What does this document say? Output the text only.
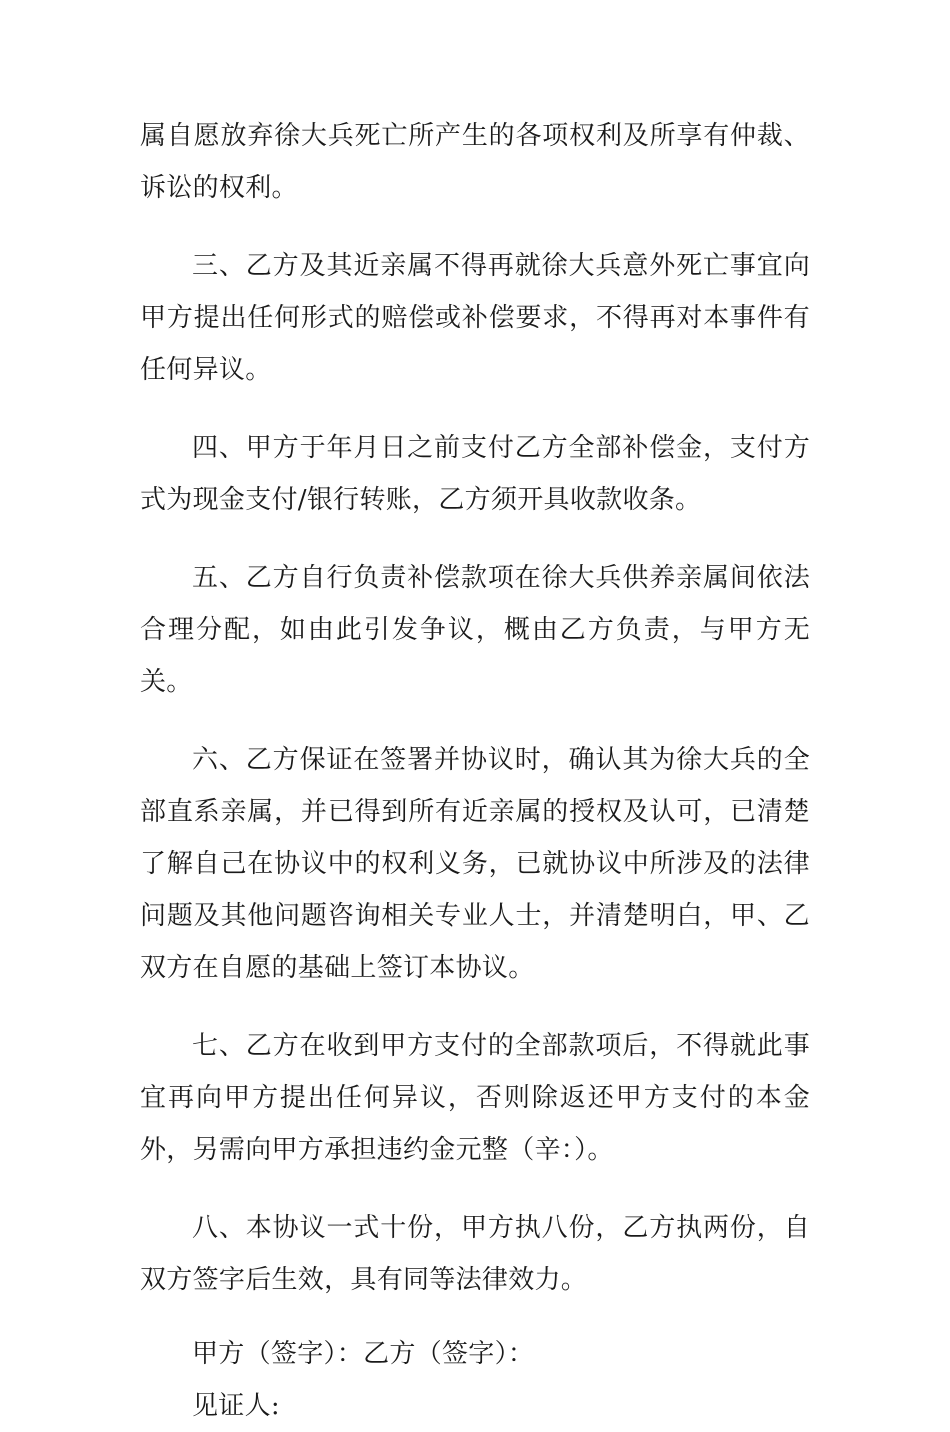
属自愿放弃徐大兵死亡所产生的各项权利及所享有仲裁、诉讼的权利。

三、乙方及其近亲属不得再就徐大兵意外死亡事宜向甲方提出任何形式的赔偿或补偿要求，不得再对本事件有任何异议。

四、甲方于年月日之前支付乙方全部补偿金，支付方式为现金支付/银行转账，乙方须开具收款收条。

五、乙方自行负责补偿款项在徐大兵供养亲属间依法合理分配，如由此引发争议，概由乙方负责，与甲方无关。

六、乙方保证在签署并协议时，确认其为徐大兵的全部直系亲属，并已得到所有近亲属的授权及认可，已清楚了解自己在协议中的权利义务，已就协议中所涉及的法律问题及其他问题咨询相关专业人士，并清楚明白，甲、乙双方在自愿的基础上签订本协议。

七、乙方在收到甲方支付的全部款项后，不得就此事宜再向甲方提出任何异议，否则除返还甲方支付的本金外，另需向甲方承担违约金元整（辛：）。

八、本协议一式十份，甲方执八份，乙方执两份，自双方签字后生效，具有同等法律效力。

甲方（签字）：乙方（签字）：

见证人:
